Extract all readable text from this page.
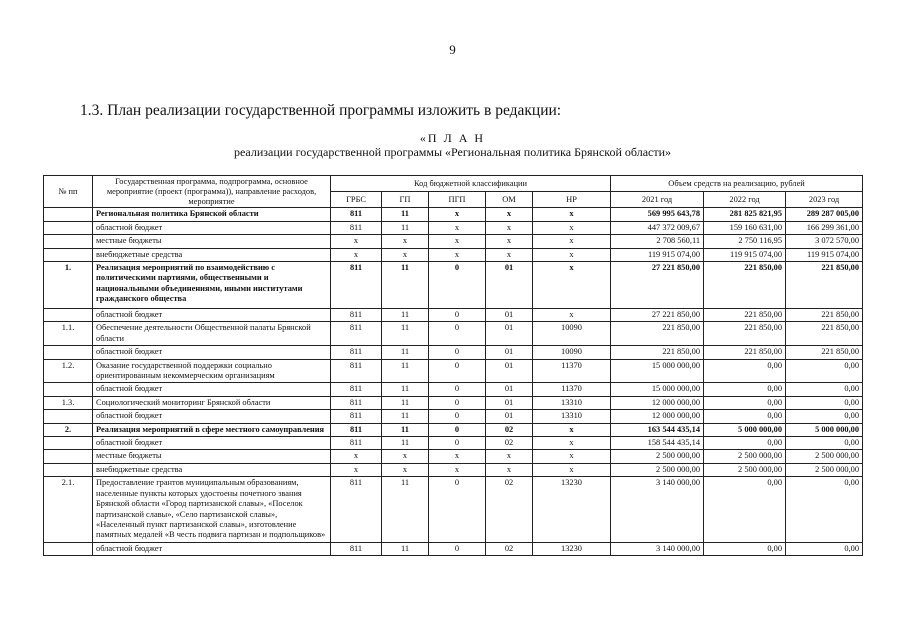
9
1.3. План реализации государственной программы изложить в редакции:
«П Л А Н
реализации государственной программы «Региональная политика Брянской области»
№ пп	Государственная программа, подпрограмма, основное мероприятие (проект (программа)), направление расходов, мероприятие	Код бюджетной классификации					Объем средств на реализацию, рублей		
		ГРБС	ГП	ПГП	ОМ	НР	2021 год	2022 год	2023 год
	Региональная политика Брянской области	811	11	х	х	х	569 995 643,78	281 825 821,95	289 287 005,00
	областной бюджет	811	11	х	х	х	447 372 009,67	159 160 631,00	166 299 361,00
	местные бюджеты	х	х	х	х	х	2 708 560,11	2 750 116,95	3 072 570,00
	внебюджетные средства	х	х	х	х	х	119 915 074,00	119 915 074,00	119 915 074,00
1.	Реализация мероприятий по взаимодействию с политическими партиями, общественными и национальными объединениями, иными институтами гражданского общества	811	11	0	01	х	27 221 850,00	221 850,00	221 850,00
	областной бюджет	811	11	0	01	х	27 221 850,00	221 850,00	221 850,00
1.1.	Обеспечение деятельности Общественной палаты Брянской области	811	11	0	01	10090	221 850,00	221 850,00	221 850,00
	областной бюджет	811	11	0	01	10090	221 850,00	221 850,00	221 850,00
1.2.	Оказание государственной поддержки социально ориентированным некоммерческим организациям	811	11	0	01	11370	15 000 000,00	0,00	0,00
	областной бюджет	811	11	0	01	11370	15 000 000,00	0,00	0,00
1.3.	Социологический мониторинг Брянской области	811	11	0	01	13310	12 000 000,00	0,00	0,00
	областной бюджет	811	11	0	01	13310	12 000 000,00	0,00	0,00
2.	Реализация мероприятий в сфере местного самоуправления	811	11	0	02	х	163 544 435,14	5 000 000,00	5 000 000,00
	областной бюджет	811	11	0	02	х	158 544 435,14	0,00	0,00
	местные бюджеты	х	х	х	х	х	2 500 000,00	2 500 000,00	2 500 000,00
	внебюджетные средства	х	х	х	х	х	2 500 000,00	2 500 000,00	2 500 000,00
2.1.	Предоставление грантов муниципальным образованиям, населенные пункты которых удостоены почетного звания Брянской области «Город партизанской славы», «Поселок партизанской славы», «Село партизанской славы», «Населенный пункт партизанской славы», изготовление памятных медалей «В честь подвига партизан и подпольщиков»	811	11	0	02	13230	3 140 000,00	0,00	0,00
	областной бюджет	811	11	0	02	13230	3 140 000,00	0,00	0,00
